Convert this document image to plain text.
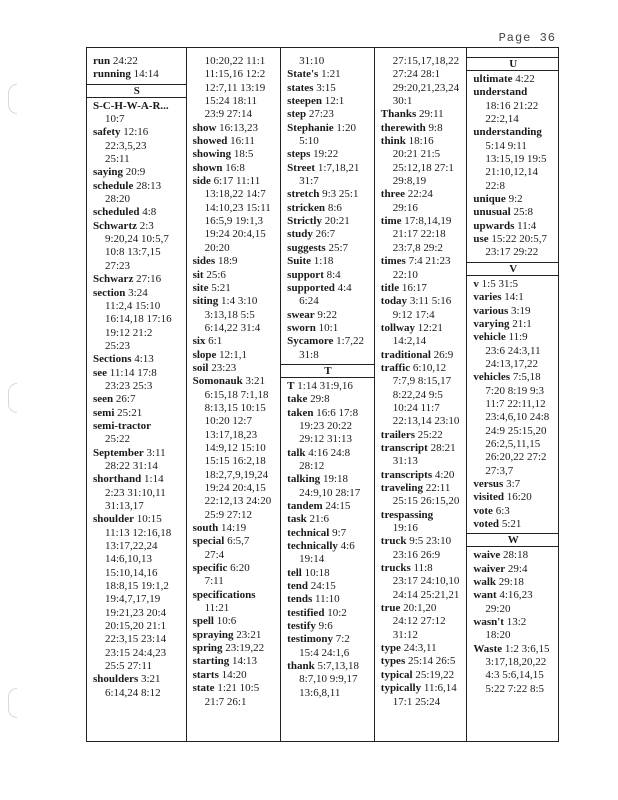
Page 36
run 24:22
running 14:14
S
S-C-H-W-A-R...
10:7
safety 12:16
22:3,5,23
25:11
saying 20:9
schedule 28:13
28:20
scheduled 4:8
Schwartz 2:3
9:20,24 10:5,7
10:8 13:7,15
27:23
Schwarz 27:16
section 3:24
11:2,4 15:10
16:14,18 17:16
19:12 21:2
25:23
Sections 4:13
see 11:14 17:8
23:23 25:3
seen 26:7
semi 25:21
semi-tractor
25:22
September 3:11
28:22 31:14
shorthand 1:14
2:23 31:10,11
31:13,17
shoulder 10:15
11:13 12:16,18
13:17,22,24
14:6,10,13
15:10,14,16
18:8,15 19:1,2
19:4,7,17,19
19:21,23 20:4
20:15,20 21:1
22:3,15 23:14
23:15 24:4,23
25:5 27:11
shoulders 3:21
6:14,24 8:12
10:20,22 11:1
11:15,16 12:2
12:7,11 13:19
15:24 18:11
23:9 27:14
show 16:13,23
showed 16:11
showing 18:5
shown 16:8
side 6:17 11:11
13:18,22 14:7
14:10,23 15:11
16:5,9 19:1,3
19:24 20:4,15
20:20
sides 18:9
sit 25:6
site 5:21
siting 1:4 3:10
3:13,18 5:5
6:14,22 31:4
six 6:1
slope 12:1,1
soil 23:23
Somonauk 3:21
6:15,18 7:1,18
8:13,15 10:15
10:20 12:7
13:17,18,23
14:9,12 15:10
15:15 16:2,18
18:2,7,9,19,24
19:24 20:4,15
22:12,13 24:20
25:9 27:12
south 14:19
special 6:5,7
27:4
specific 6:20
7:11
specifications
11:21
spell 10:6
spraying 23:21
spring 23:19,22
starting 14:13
starts 14:20
state 1:21 10:5
21:7 26:1
31:10
State's 1:21
states 3:15
steepen 12:1
step 27:23
Stephanie 1:20
5:10
steps 19:22
Street 1:7,18,21
31:7
stretch 9:3 25:1
stricken 8:6
Strictly 20:21
study 26:7
suggests 25:7
Suite 1:18
support 8:4
supported 4:4
6:24
swear 9:22
sworn 10:1
Sycamore 1:7,22
31:8
T
T 1:14 31:9,16
take 29:8
taken 16:6 17:8
19:23 20:22
29:12 31:13
talk 4:16 24:8
28:12
talking 19:18
24:9,10 28:17
tandem 24:15
task 21:6
technical 9:7
technically 4:6
19:14
tell 10:18
tend 24:15
tends 11:10
testified 10:2
testify 9:6
testimony 7:2
15:4 24:1,6
thank 5:7,13,18
8:7,10 9:9,17
13:6,8,11
27:15,17,18,22
27:24 28:1
29:20,21,23,24
30:1
Thanks 29:11
therewith 9:8
think 18:16
20:21 21:5
25:12,18 27:1
29:8,19
three 22:24
29:16
time 17:8,14,19
21:17 22:18
23:7,8 29:2
times 7:4 21:23
22:10
title 16:17
today 3:11 5:16
9:12 17:4
tollway 12:21
14:2,14
traditional 26:9
traffic 6:10,12
7:7,9 8:15,17
8:22,24 9:5
10:24 11:7
22:13,14 23:10
trailers 25:22
transcript 28:21
31:13
transcripts 4:20
traveling 22:11
25:15 26:15,20
trespassing
19:16
truck 9:5 23:10
23:16 26:9
trucks 11:8
23:17 24:10,10
24:14 25:21,21
true 20:1,20
24:12 27:12
31:12
type 24:3,11
types 25:14 26:5
typical 25:19,22
typically 11:6,14
17:1 25:24
U
ultimate 4:22
understand
18:16 21:22
22:2,14
understanding
5:14 9:11
13:15,19 19:5
21:10,12,14
22:8
unique 9:2
unusual 25:8
upwards 11:4
use 15:22 20:5,7
23:17 29:22
V
v 1:5 31:5
varies 14:1
various 3:19
varying 21:1
vehicle 11:9
23:6 24:3,11
24:13,17,22
vehicles 7:5,18
7:20 8:19 9:3
11:7 22:11,12
23:4,6,10 24:8
24:9 25:15,20
26:2,5,11,15
26:20,22 27:2
27:3,7
versus 3:7
visited 16:20
vote 6:3
voted 5:21
W
waive 28:18
waiver 29:4
walk 29:18
want 4:16,23
29:20
wasn't 13:2
18:20
Waste 1:2 3:6,15
3:17,18,20,22
4:3 5:6,14,15
5:22 7:22 8:5
